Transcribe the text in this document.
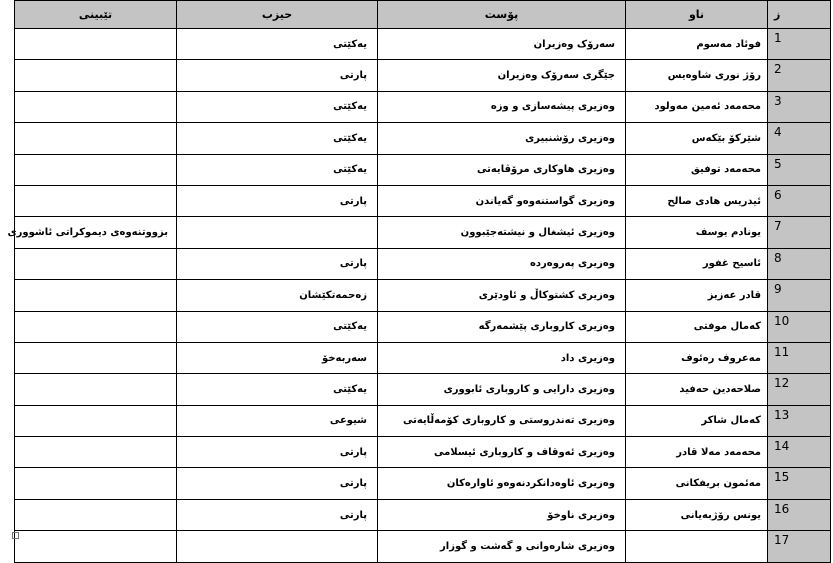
ز	ناو	پۆست	حیزب	تێبینی
1	فوئاد مەسوم	سەرۆک وەزیران	یەکێتی	
2	رۆژ نوری شاوەیس	جێگری سەرۆک وەزیران	پارتی	
3	محەمەد ئەمین مەولود	وەزیری پیشەسازی و وزە	یەکێتی	
4	شێرکۆ بێکەس	وەزیری رۆشنبیری	یەکێتی	
5	محەمەد توفیق	وەزیری هاوکاری مرۆڤایەتی	یەکێتی	
6	ئیدریس هادی صالح	وەزیری گواستنەوەو گەیاندن	پارتی	
7	یونادم یوسف	وەزیری ئیشغال و نیشتەجێبوون		بزووتنەوەی دیموکراتی ئاشووری
8	ئاسیح غفور	وەزیری پەروەردە	پارتی	
9	قادر عەزیز	وەزیری کشتوکاڵ و ئاودێری	زەحمەتکێشان	
10	کەمال موفتی	وەزیری کاروباری پێشمەرگە	یەکێتی	
11	مەعروف رەئوف	وەزیری داد	سەربەخۆ	
12	صلاحەدین حەفید	وەزیری دارایی و کاروباری ئابووری	یەکێتی	
13	کەمال شاکر	وەزیری تەندروستی و کاروباری کۆمەڵایەتی	شیوعی	
14	محەمەد مەلا قادر	وەزیری ئەوقاف و کاروباری ئیسلامی	پارتی	
15	مەئمون بریفکانی	وەزیری ئاوەدانکردنەوەو ئاوارەکان	پارتی	
16	یونس رۆژبەیانی	وەزیری ناوخۆ	پارتی	
17		وەزیری شارەوانی و گەشت و گوزار		
